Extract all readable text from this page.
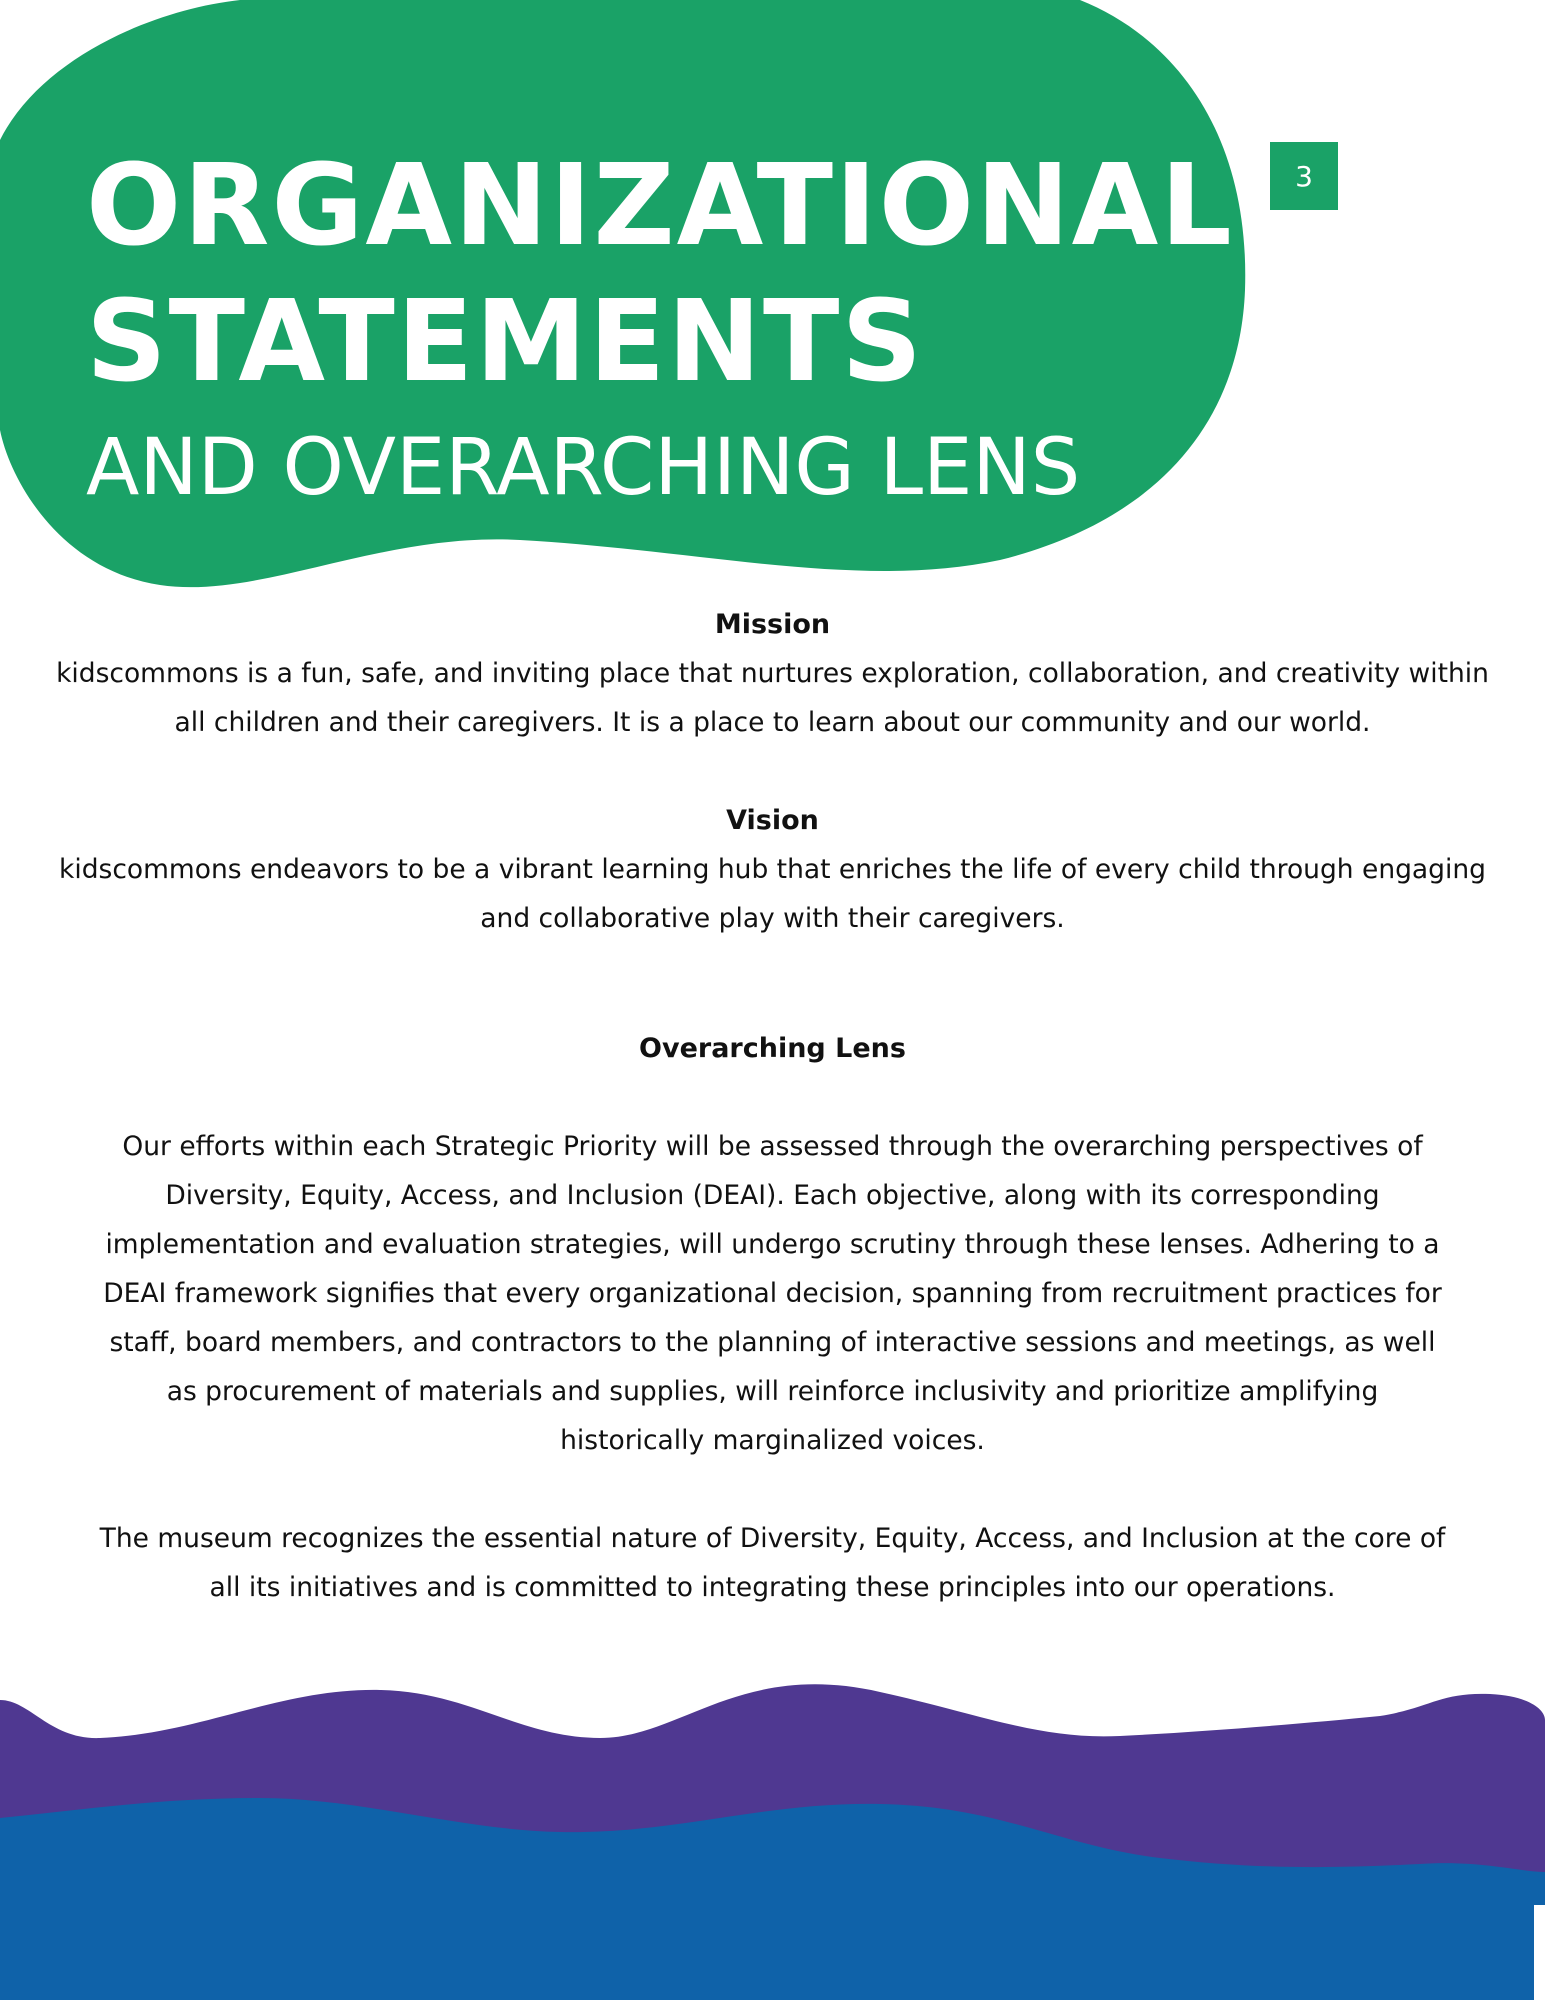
ORGANIZATIONAL
STATEMENTS
AND OVERARCHING LENS
3
Mission

kidscommons is a fun, safe, and inviting place that nurtures exploration, collaboration, and creativity within all children and their caregivers. It is a place to learn about our community and our world.

Vision

kidscommons endeavors to be a vibrant learning hub that enriches the life of every child through engaging and collaborative play with their caregivers.

Overarching Lens

Our efforts within each Strategic Priority will be assessed through the overarching perspectives of Diversity, Equity, Access, and Inclusion (DEAI). Each objective, along with its corresponding implementation and evaluation strategies, will undergo scrutiny through these lenses. Adhering to a DEAI framework signifies that every organizational decision, spanning from recruitment practices for staff, board members, and contractors to the planning of interactive sessions and meetings, as well as procurement of materials and supplies, will reinforce inclusivity and prioritize amplifying historically marginalized voices.

The museum recognizes the essential nature of Diversity, Equity, Access, and Inclusion at the core of all its initiatives and is committed to integrating these principles into our operations.
